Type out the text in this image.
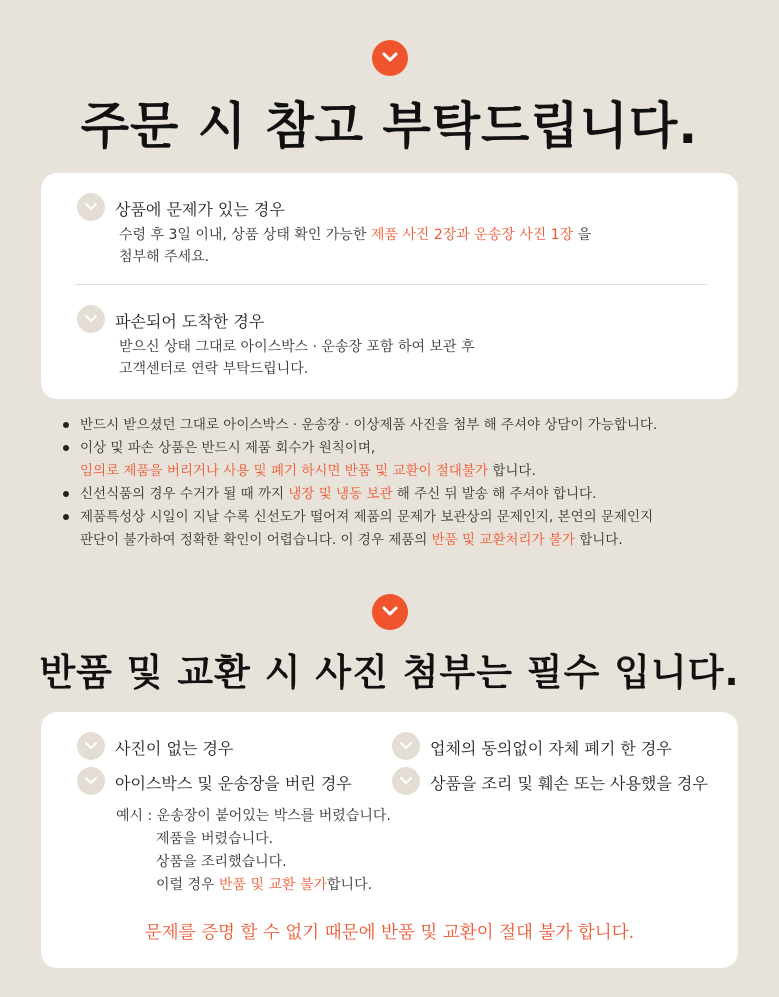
주문 시 참고 부탁드립니다.
상품에 문제가 있는 경우
수령 후 3일 이내, 상품 상태 확인 가능한 제품 사진 2장과 운송장 사진 1장 을
첨부해 주세요.
파손되어 도착한 경우
받으신 상태 그대로 아이스박스 · 운송장 포함 하여 보관 후
고객센터로 연락 부탁드립니다.
반드시 받으셨던 그대로 아이스박스 · 운송장 · 이상제품 사진을 첨부 해 주셔야 상담이 가능합니다.
이상 및 파손 상품은 반드시 제품 회수가 원칙이며,
임의로 제품을 버리거나 사용 및 폐기 하시면 반품 및 교환이 절대불가 합니다.
신선식품의 경우 수거가 될 때 까지 냉장 및 냉동 보관 해 주신 뒤 발송 해 주셔야 합니다.
제품특성상 시일이 지날 수록 신선도가 떨어져 제품의 문제가 보관상의 문제인지, 본연의 문제인지
판단이 불가하여 정확한 확인이 어렵습니다. 이 경우 제품의 반품 및 교환처리가 불가 합니다.
반품 및 교환 시 사진 첨부는 필수 입니다.
사진이 없는 경우	업체의 동의없이 자체 폐기 한 경우
아이스박스 및 운송장을 버린 경우	상품을 조리 및 훼손 또는 사용했을 경우
예시 : 운송장이 붙어있는 박스를 버렸습니다.
제품을 버렸습니다.
상품을 조리했습니다.
이럴 경우 반품 및 교환 불가합니다.
문제를 증명 할 수 없기 때문에 반품 및 교환이 절대 불가 합니다.
